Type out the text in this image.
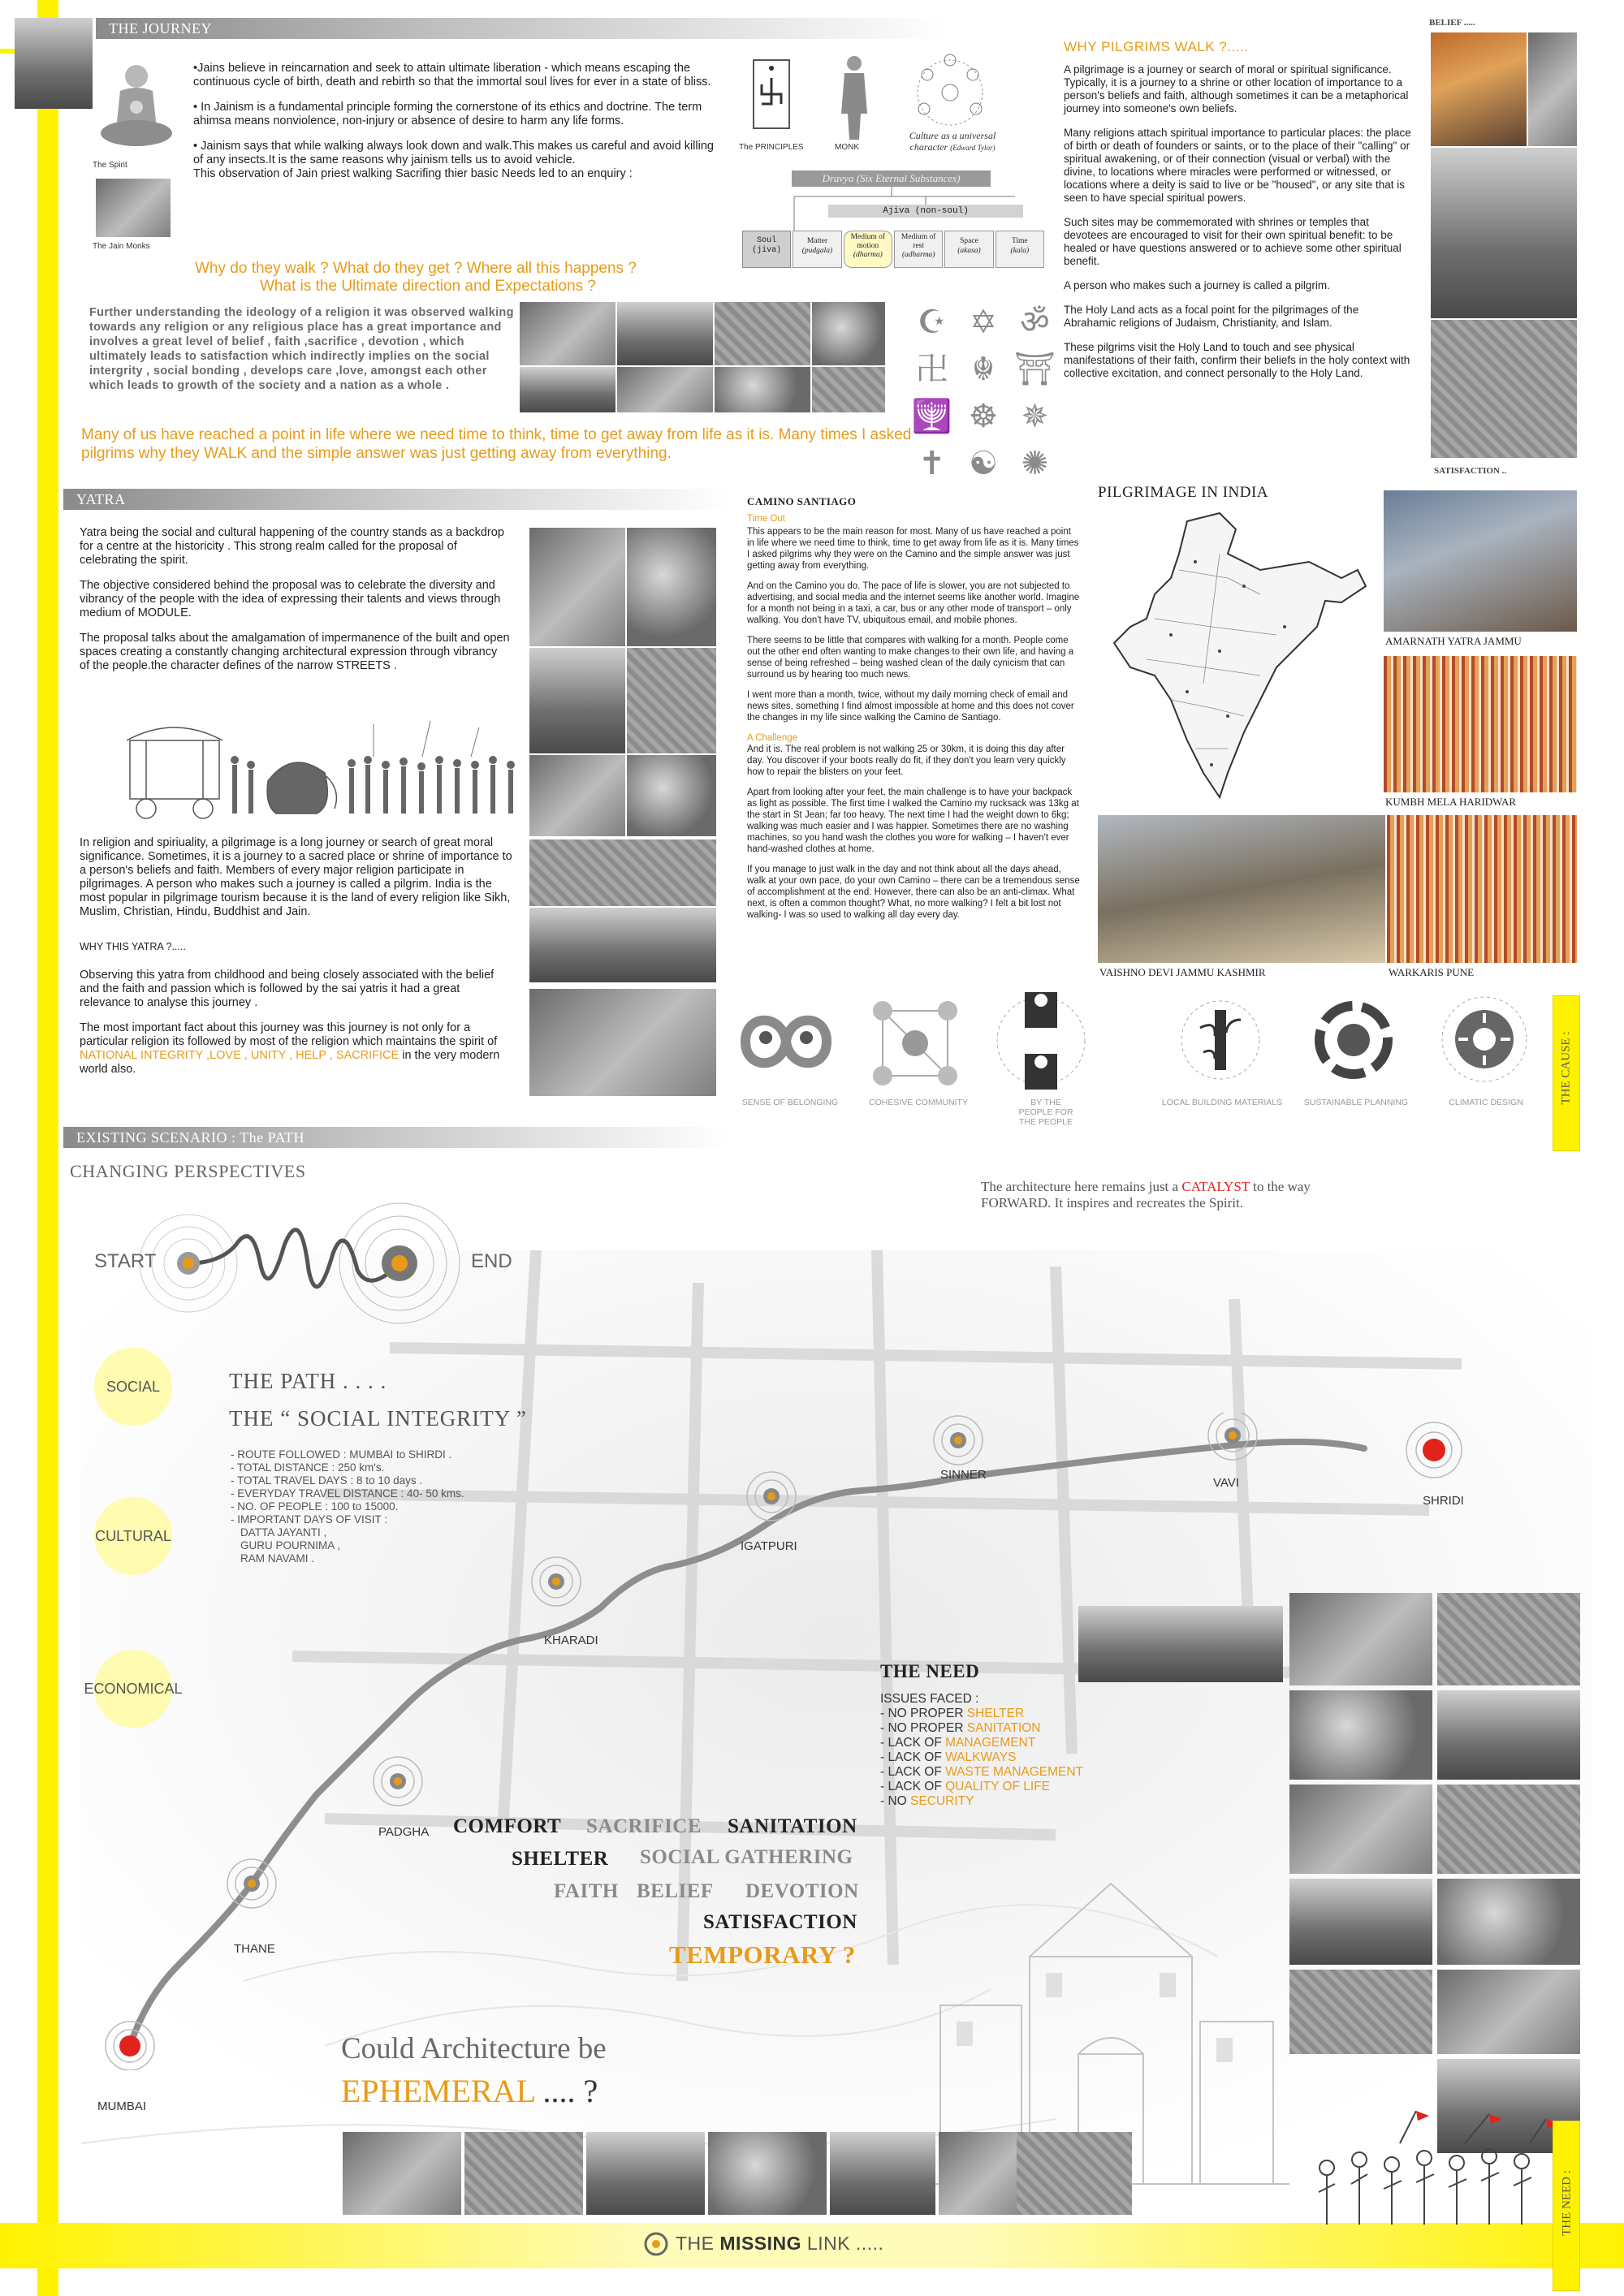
THE JOURNEY
The Spirit
The Jain Monks

•Jains believe in reincarnation and seek to attain ultimate liberation - which means escaping the continuous cycle of birth, death and rebirth so that the immortal soul lives for ever in a state of bliss.

• In Jainism is a fundamental principle forming the cornerstone of its ethics and doctrine. The term ahimsa means nonviolence, non-injury or absence of desire to harm any life forms.

• Jainism says that while walking always look down and walk.This makes us careful and avoid killing of any insects.It is the same reasons why jainism tells us to avoid vehicle.

This observation of Jain priest walking Sacrifing thier basic Needs led to an enquiry :

Why do they walk ? What do they get ? Where all this happens ?
What is the Ultimate direction and Expectations ?
Further understanding the ideology of a religion it was observed walking towards any religion or any religious place has a great importance and involves a great level of belief , faith ,sacrifice , devotion , which ultimately leads to satisfaction which indirectly implies on the social intergrity , social bonding , develops care ,love, amongst each other which leads to growth of the society and a nation as a whole .
Many of us have reached a point in life where we need time to think, time to get away from life as it is. Many times I asked pilgrims why they WALK and the simple answer was just getting away from everything.
The PRINCIPLES	MONK
Culture as a universal character (Edward Tylor)
Dravya (Six Eternal Substances)
Ajiva (non-soul)
Soul
(jiva)
Matter
(pudgala)
Medium of motion
(dharma)
Medium of rest
(adharma)
Space
(akasa)
Time
(kala)
☪ ✡ ॐ
卍 ☬ ⛩
🕎 ☸ ✵
✝ ☯ ✺
WHY PILGRIMS WALK ?.....

A pilgrimage is a journey or search of moral or spiritual significance. Typically, it is a journey to a shrine or other location of importance to a person's beliefs and faith, although sometimes it can be a metaphorical journey into someone's own beliefs.

Many religions attach spiritual importance to particular places: the place of birth or death of founders or saints, or to the place of their "calling" or spiritual awakening, or of their connection (visual or verbal) with the divine, to locations where miracles were performed or witnessed, or locations where a deity is said to live or be "housed", or any site that is seen to have special spiritual powers.

Such sites may be commemorated with shrines or temples that devotees are encouraged to visit for their own spiritual benefit: to be healed or have questions answered or to achieve some other spiritual benefit.

A person who makes such a journey is called a pilgrim.

The Holy Land acts as a focal point for the pilgrimages of the Abrahamic religions of Judaism, Christianity, and Islam.

These pilgrims visit the Holy Land to touch and see physical manifestations of their faith, confirm their beliefs in the holy context with collective excitation, and connect personally to the Holy Land.

BELIEF .....
SATISFACTION ..
YATRA

Yatra being the social and cultural happening of the country stands as a backdrop for a centre at the historicity . This strong realm called for the proposal of celebrating the spirit.

The objective considered behind the proposal was to celebrate the diversity and vibrancy of the people with the idea of expressing their talents and views through medium of MODULE.

The proposal talks about the amalgamation of impermanence of the built and open spaces creating a constantly changing architectural expression through vibrancy of the people.the character defines of the narrow STREETS .

In religion and spiriuality, a pilgrimage is a long journey or search of great moral significance. Sometimes, it is a journey to a sacred place or shrine of importance to a person's beliefs and faith. Members of every major religion participate in pilgrimages. A person who makes such a journey is called a pilgrim. India is the most popular in pilgrimage tourism because it is the land of every religion like Sikh, Muslim, Christian, Hindu, Buddhist and Jain.

WHY THIS YATRA ?.....

Observing this yatra from childhood and being closely associated with the belief and the faith and passion which is followed by the sai yatris it had a great relevance to analyse this journey .

The most important fact about this journey was this journey is not only for a particular religion its followed by most of the religion which maintains the spirit of NATIONAL INTEGRITY ,LOVE , UNITY , HELP , SACRIFICE in the very modern world also.

CAMINO SANTIAGO
Time Out

This appears to be the main reason for most. Many of us have reached a point in life where we need time to think, time to get away from life as it is. Many times I asked pilgrims why they were on the Camino and the simple answer was just getting away from everything.

And on the Camino you do. The pace of life is slower, you are not subjected to advertising, and social media and the internet seems like another world. Imagine for a month not being in a taxi, a car, bus or any other mode of transport – only walking. You don't have TV, ubiquitous email, and mobile phones.

There seems to be little that compares with walking for a month. People come out the other end often wanting to make changes to their own life, and having a sense of being refreshed – being washed clean of the daily cynicism that can surround us by hearing too much news.

I went more than a month, twice, without my daily morning check of email and news sites, something I find almost impossible at home and this does not cover the changes in my life since walking the Camino de Santiago.

A Challenge

And it is. The real problem is not walking 25 or 30km, it is doing this day after day. You discover if your boots really do fit, if they don't you learn very quickly how to repair the blisters on your feet.

Apart from looking after your feet, the main challenge is to have your backpack as light as possible. The first time I walked the Camino my rucksack was 13kg at the start in St Jean; far too heavy. The next time I had the weight down to 6kg; walking was much easier and I was happier. Sometimes there are no washing machines, so you hand wash the clothes you wore for walking – I haven't ever hand-washed clothes at home.

If you manage to just walk in the day and not think about all the days ahead, walk at your own pace, do your own Camino – there can be a tremendous sense of accomplishment at the end. However, there can also be an anti-climax. What next, is often a common thought? What, no more walking? I felt a bit lost not walking- I was so used to walking all day every day.

PILGRIMAGE IN INDIA
AMARNATH YATRA JAMMU
KUMBH MELA HARIDWAR
VAISHNO DEVI JAMMU KASHMIR	WARKARIS PUNE
SENSE OF BELONGING	COHESIVE COMMUNITY	BY THE PEOPLE FOR THE PEOPLE
LOCAL BUILDING MATERIALS	SUSTAINABLE PLANNING	CLIMATIC DESIGN	THE CAUSE :
EXISTING SCENARIO : The PATH
CHANGING PERSPECTIVES
START	END
The architecture here remains just a CATALYST to the way
FORWARD. It inspires and recreates the Spirit.
SOCIAL
CULTURAL
ECONOMICAL
THE PATH . . . .
THE “ SOCIAL INTEGRITY ”
- ROUTE FOLLOWED : MUMBAI to SHIRDI .
- TOTAL DISTANCE : 250 km's.
- TOTAL TRAVEL DAYS : 8 to 10 days .
- EVERYDAY TRAVEL DISTANCE : 40- 50 kms.
- NO. OF PEOPLE : 100 to 15000.
- IMPORTANT DAYS OF VISIT :
DATTA JAYANTI ,
GURU POURNIMA ,
RAM NAVAMI .
SHRIDI
VAVI
SINNER
IGATPURI
KHARADI
PADGHA
THANE
MUMBAI
THE NEED
ISSUES FACED :
- NO PROPER SHELTER
- NO PROPER SANITATION
- LACK OF MANAGEMENT
- LACK OF WALKWAYS
- LACK OF WASTE MANAGEMENT
- LACK OF QUALITY OF LIFE
- NO SECURITY
COMFORT SACRIFICE SANITATION
SHELTER SOCIAL GATHERING
FAITH BELIEF DEVOTION
SATISFACTION
TEMPORARY ?
Could Architecture be
EPHEMERAL .... ?
THE NEED :
THE MISSING LINK .....
